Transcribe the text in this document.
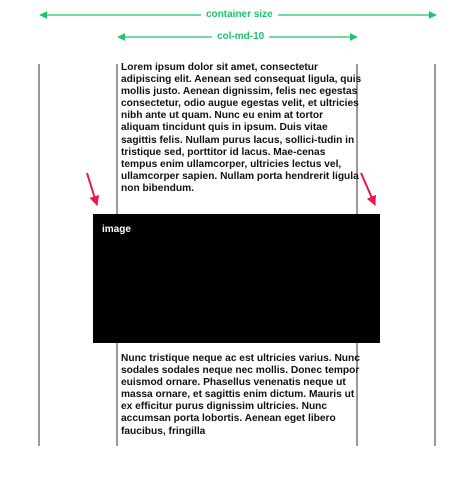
container size
col-md-10

Lorem ipsum dolor sit amet, consectetur adipiscing elit. Aenean sed consequat ligula, quis mollis justo. Aenean dignissim, felis nec egestas consectetur, odio augue egestas velit, et ultricies nibh ante ut quam. Nunc eu enim at tortor aliquam tincidunt quis in ipsum. Duis vitae sagittis felis. Nullam purus lacus, sollici-tudin in tristique sed, porttitor id lacus. Mae-cenas tempus enim ullamcorper, ultricies lectus vel, ullamcorper sapien. Nullam porta hendrerit ligula non bibendum.

image

Nunc tristique neque ac est ultricies varius. Nunc sodales sodales neque nec mollis. Donec tempor euismod ornare. Phasellus venenatis neque ut massa ornare, et sagittis enim dictum. Mauris ut ex efficitur purus dignissim ultricies. Nunc accumsan porta lobortis. Aenean eget libero faucibus, fringilla
